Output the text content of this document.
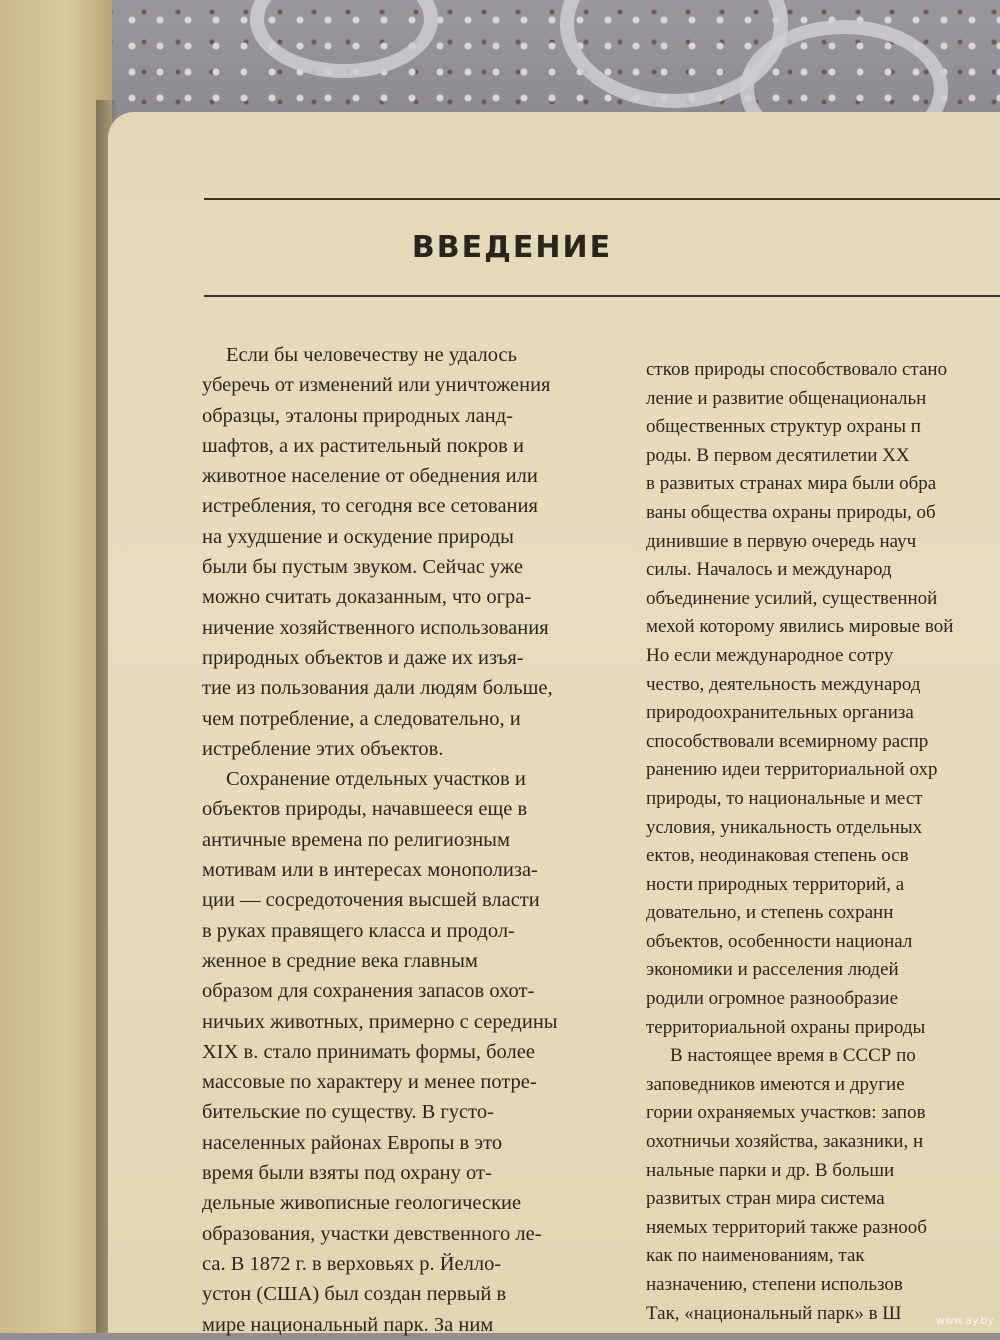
ВВЕДЕНИЕ
Если бы человечеству не удалось
уберечь от изменений или уничтожения
образцы, эталоны природных ланд-
шафтов, а их растительный покров и
животное население от обеднения или
истребления, то сегодня все сетования
на ухудшение и оскудение природы
были бы пустым звуком. Сейчас уже
можно считать доказанным, что огра-
ничение хозяйственного использования
природных объектов и даже их изъя-
тие из пользования дали людям больше,
чем потребление, а следовательно, и
истребление этих объектов.
Сохранение отдельных участков и
объектов природы, начавшееся еще в
античные времена по религиозным
мотивам или в интересах монополиза-
ции — сосредоточения высшей власти
в руках правящего класса и продол-
женное в средние века главным
образом для сохранения запасов охот-
ничьих животных, примерно с середины
XIX в. стало принимать формы, более
массовые по характеру и менее потре-
бительские по существу. В густо-
населенных районах Европы в это
время были взяты под охрану от-
дельные живописные геологические
образования, участки девственного ле-
са. В 1872 г. в верховьях р. Йелло-
устон (США) был создан первый в
мире национальный парк. За ним
стков природы способствовало стано
ление и развитие общенациональн
общественных структур охраны п
роды. В первом десятилетии XX
в развитых странах мира были обра
ваны общества охраны природы, об
динившие в первую очередь науч
силы. Началось и международ
объединение усилий, существенной
мехой которому явились мировые вой
Но если международное сотру
чество, деятельность международ
природоохранительных организа
способствовали всемирному распр
ранению идеи территориальной охр
природы, то национальные и мест
условия, уникальность отдельных
ектов, неодинаковая степень осв
ности природных территорий, а
довательно, и степень сохранн
объектов, особенности национал
экономики и расселения людей
родили огромное разнообразие
территориальной охраны природы
В настоящее время в СССР по
заповедников имеются и другие
гории охраняемых участков: запов
охотничьи хозяйства, заказники, н
нальные парки и др. В больши
развитых стран мира система
няемых территорий также разнооб
как по наименованиям, так
назначению, степени использов
Так, «национальный парк» в Ш	www.ay.by
